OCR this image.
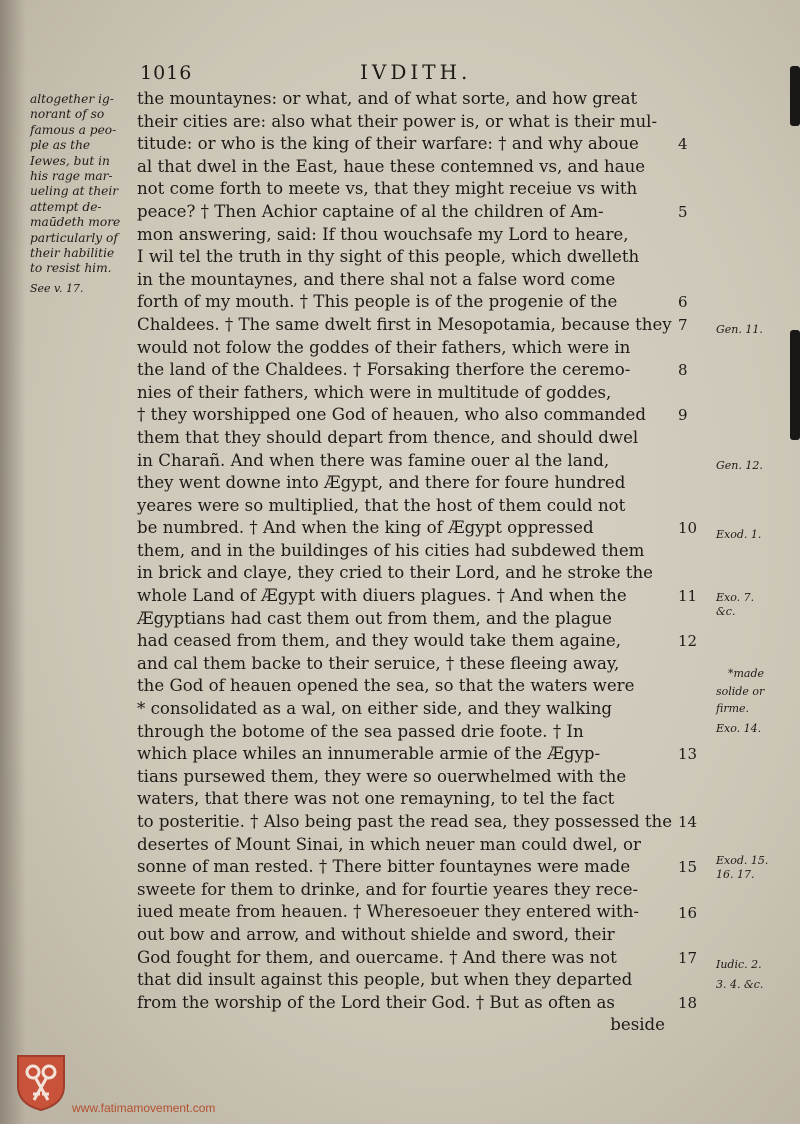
1016	IVDITH.
altogether ig-
norant of so
famous a peo-
ple as the
Iewes, but in
his rage mar-
ueling at their
attempt de-
maūdeth more
particularly of
their habilitie
to resist him.
See v. 17.
the mountaynes: or what, and of what sorte, and how great
their cities are: also what their power is, or what is their mul-
titude: or who is the king of their warfare: † and why aboue
al that dwel in the East, haue these contemned vs, and haue
not come forth to meete vs, that they might receiue vs with
peace? † Then Achior captaine of al the children of Am-
mon answering, said: If thou wouchsafe my Lord to heare,
I wil tel the truth in thy sight of this people, which dwelleth
in the mountaynes, and there shal not a false word come
forth of my mouth. † This people is of the progenie of the
Chaldees. † The same dwelt first in Mesopotamia, because they
would not folow the goddes of their fathers, which were in
the land of the Chaldees. † Forsaking therfore the ceremo-
nies of their fathers, which were in multitude of goddes,
† they worshipped one God of heauen, who also commanded
them that they should depart from thence, and should dwel
in Charañ. And when there was famine ouer al the land,
they went downe into Ægypt, and there for foure hundred
yeares were so multiplied, that the host of them could not
be numbred. † And when the king of Ægypt oppressed
them, and in the buildinges of his cities had subdewed them
in brick and claye, they cried to their Lord, and he stroke the
whole Land of Ægypt with diuers plagues. † And when the
Ægyptians had cast them out from them, and the plague
had ceased from them, and they would take them againe,
and cal them backe to their seruice, † these fleeing away,
the God of heauen opened the sea, so that the waters were
* consolidated as a wal, on either side, and they walking
through the botome of the sea passed drie foote. † In
which place whiles an innumerable armie of the Ægyp-
tians pursewed them, they were so ouerwhelmed with the
waters, that there was not one remayning, to tel the fact
to posteritie. † Also being past the read sea, they possessed the
desertes of Mount Sinai, in which neuer man could dwel, or
sonne of man rested. † There bitter fountaynes were made
sweete for them to drinke, and for fourtie yeares they rece-
iued meate from heauen. † Wheresoeuer they entered with-
out bow and arrow, and without shielde and sword, their
God fought for them, and ouercame. † And there was not
that did insult against this people, but when they departed
from the worship of the Lord their God. † But as often as
beside
4
5
6
7
8
9
10
11
12
13
14
15
16
17
18
Gen. 11.
Gen. 12.
Exod. 1.
Exo. 7.
&c.
*made
solide or
firme.
Exo. 14.
Exod. 15.
16. 17.
Iudic. 2.
3. 4. &c.
www.fatimamovement.com
